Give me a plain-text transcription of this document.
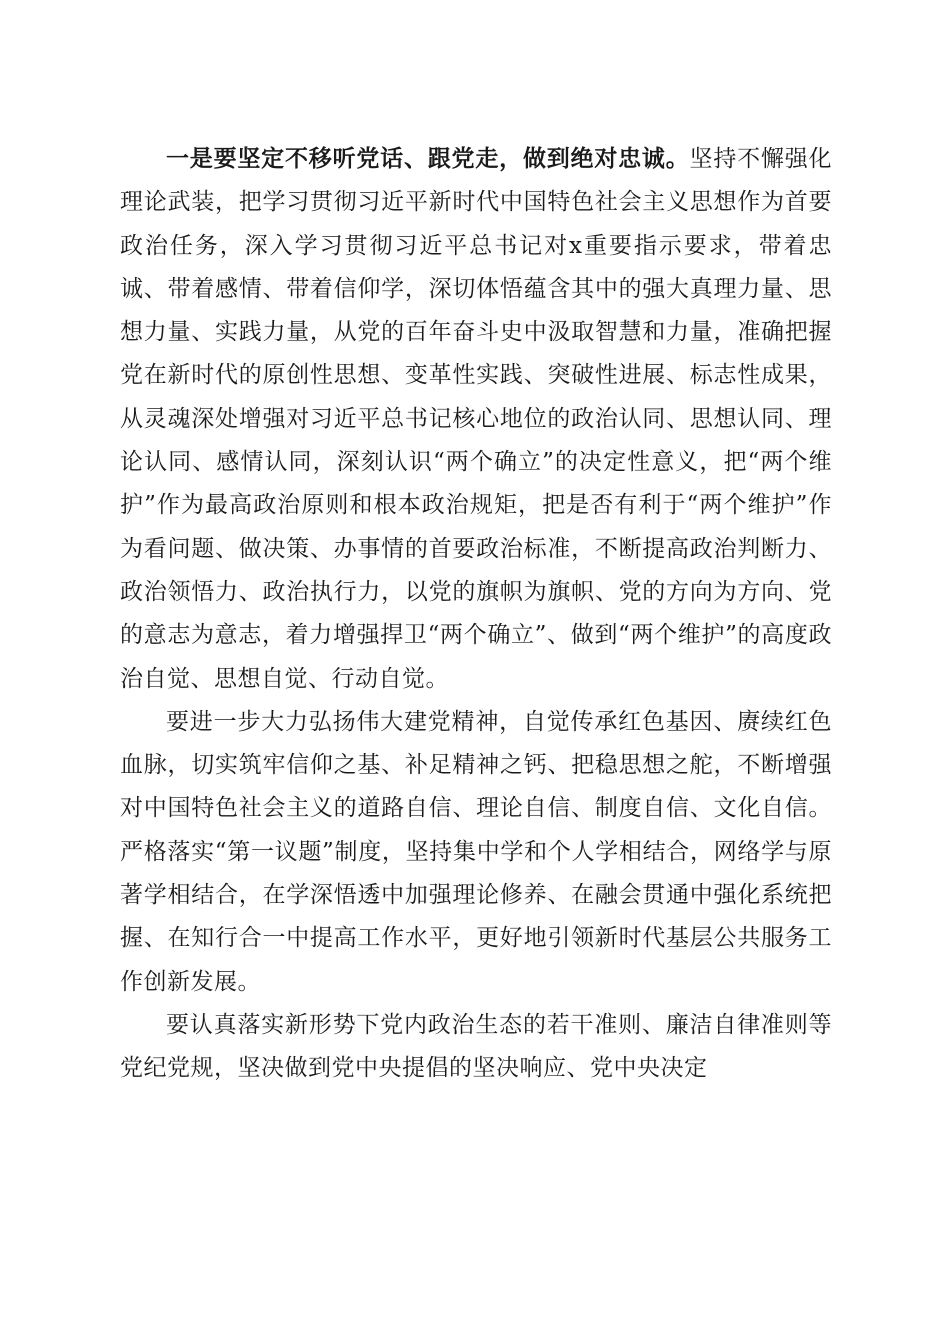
一是要坚定不移听党话、跟党走，做到绝对忠诚。坚持不懈强化理论武装，把学习贯彻习近平新时代中国特色社会主义思想作为首要政治任务，深入学习贯彻习近平总书记对x重要指示要求，带着忠诚、带着感情、带着信仰学，深切体悟蕴含其中的强大真理力量、思想力量、实践力量，从党的百年奋斗史中汲取智慧和力量，准确把握党在新时代的原创性思想、变革性实践、突破性进展、标志性成果，从灵魂深处增强对习近平总书记核心地位的政治认同、思想认同、理论认同、感情认同，深刻认识“两个确立”的决定性意义，把“两个维护”作为最高政治原则和根本政治规矩，把是否有利于“两个维护”作为看问题、做决策、办事情的首要政治标准，不断提高政治判断力、政治领悟力、政治执行力，以党的旗帜为旗帜、党的方向为方向、党的意志为意志，着力增强捍卫“两个确立”、做到“两个维护”的高度政治自觉、思想自觉、行动自觉。

要进一步大力弘扬伟大建党精神，自觉传承红色基因、赓续红色血脉，切实筑牢信仰之基、补足精神之钙、把稳思想之舵，不断增强对中国特色社会主义的道路自信、理论自信、制度自信、文化自信。严格落实“第一议题”制度，坚持集中学和个人学相结合，网络学与原著学相结合，在学深悟透中加强理论修养、在融会贯通中强化系统把握、在知行合一中提高工作水平，更好地引领新时代基层公共服务工作创新发展。

要认真落实新形势下党内政治生态的若干准则、廉洁自律准则等党纪党规，坚决做到党中央提倡的坚决响应、党中央决定
